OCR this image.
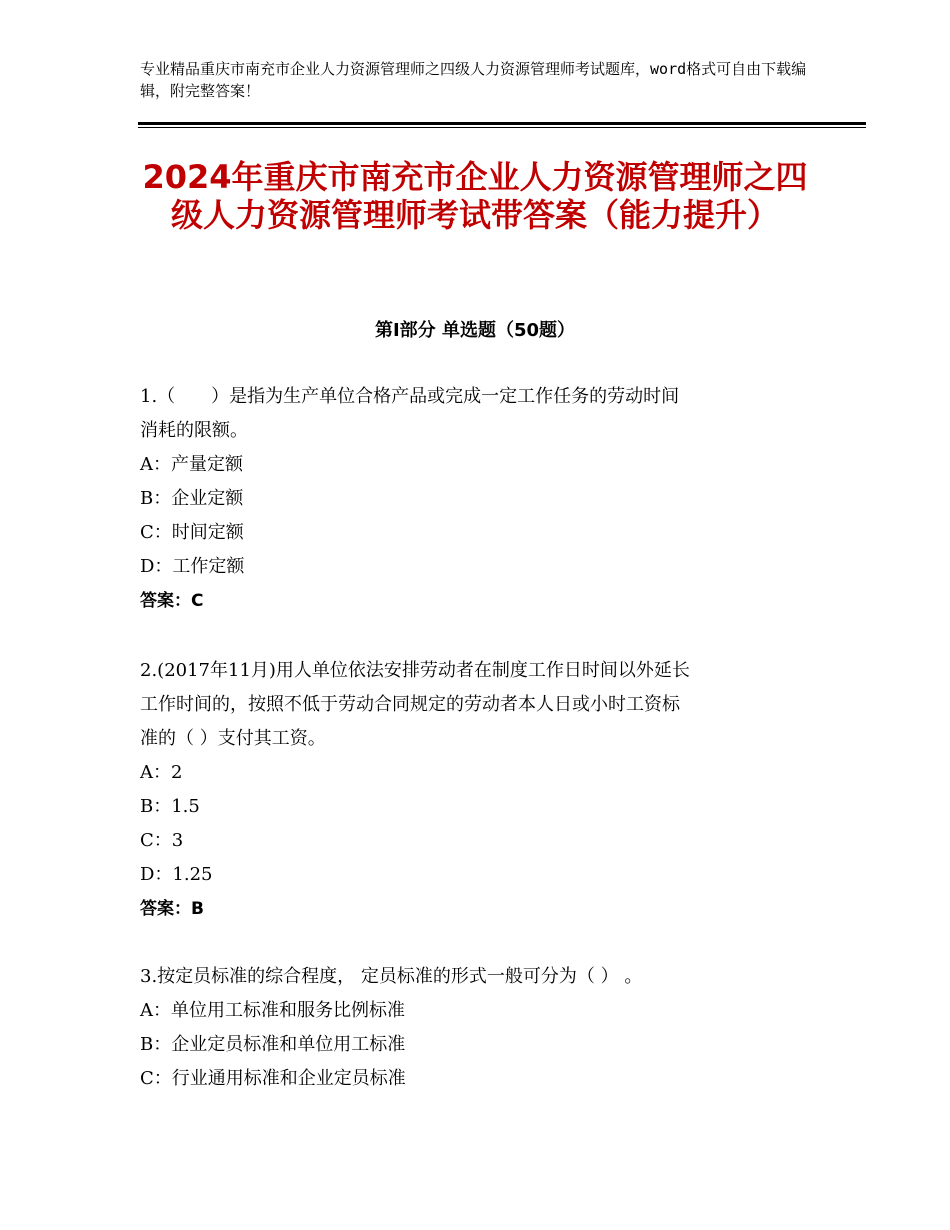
专业精品重庆市南充市企业人力资源管理师之四级人力资源管理师考试题库，word格式可自由下载编辑，附完整答案！
2024年重庆市南充市企业人力资源管理师之四级人力资源管理师考试带答案（能力提升）
第Ⅰ部分 单选题（50题）
1.（　　）是指为生产单位合格产品或完成一定工作任务的劳动时间
消耗的限额。
A：产量定额
B：企业定额
C：时间定额
D：工作定额
答案：C
2.(2017年11月)用人单位依法安排劳动者在制度工作日时间以外延长
工作时间的，按照不低于劳动合同规定的劳动者本人日或小时工资标
准的（ ）支付其工资。
A：2
B：1.5
C：3
D：1.25
答案：B
3.按定员标准的综合程度， 定员标准的形式一般可分为（ ） 。
A：单位用工标准和服务比例标准
B：企业定员标准和单位用工标准
C：行业通用标准和企业定员标准
